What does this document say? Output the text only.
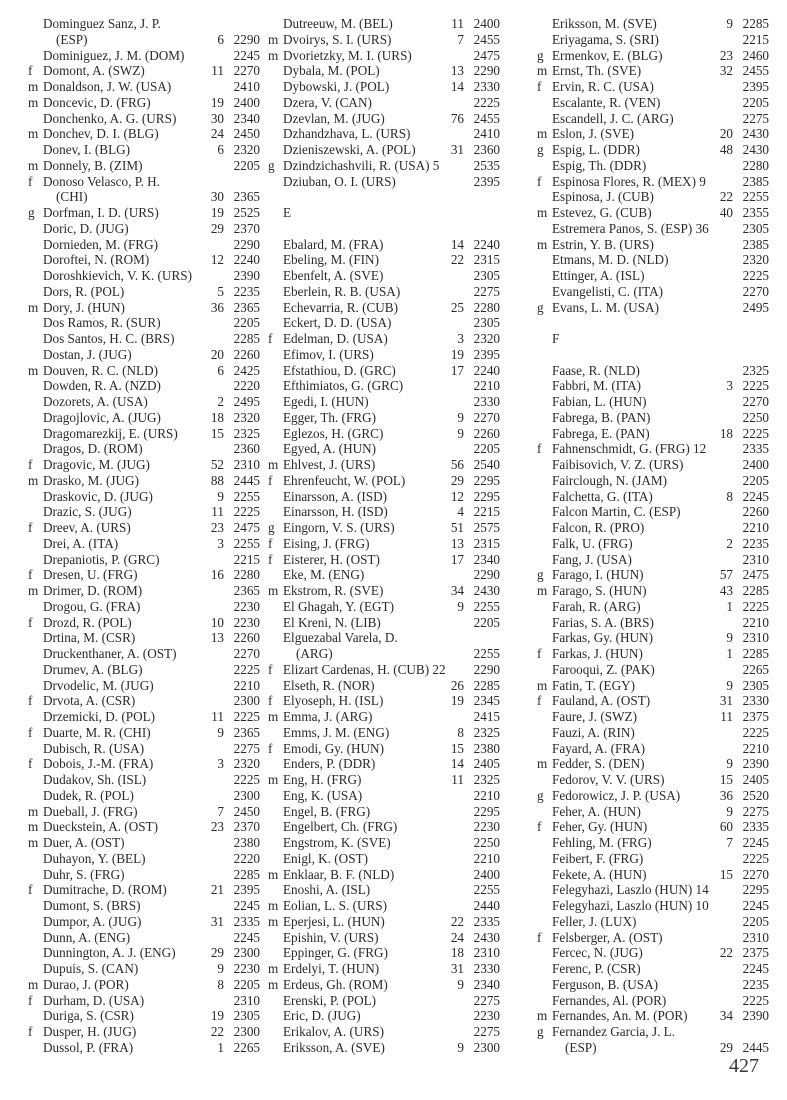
Dominguez Sanz, J. P.
(ESP)	6 2290
Dominiguez, J. M. (DOM)	2245
f Domont, A. (SWZ)	11 2270
m Donaldson, J. W. (USA)	2410
m Doncevic, D. (FRG)	19 2400
Donchenko, A. G. (URS)	30 2340
m Donchev, D. I. (BLG)	24 2450
Donev, I. (BLG)	6 2320
m Donnely, B. (ZIM)	2205
f Donoso Velasco, P. H.
(CHI)	30 2365
g Dorfman, I. D. (URS)	19 2525
Doric, D. (JUG)	29 2370
Dornieden, M. (FRG)	2290
Doroftei, N. (ROM)	12 2240
Doroshkievich, V. K. (URS)	2390
Dors, R. (POL)	5 2235
m Dory, J. (HUN)	36 2365
Dos Ramos, R. (SUR)	2205
Dos Santos, H. C. (BRS)	2285
Dostan, J. (JUG)	20 2260
m Douven, R. C. (NLD)	6 2425
Dowden, R. A. (NZD)	2220
Dozorets, A. (USA)	2 2495
Dragojlovic, A. (JUG)	18 2320
Dragomarezkij, E. (URS)	15 2325
Dragos, D. (ROM)	2360
f Dragovic, M. (JUG)	52 2310
m Drasko, M. (JUG)	88 2445
Draskovic, D. (JUG)	9 2255
Drazic, S. (JUG)	11 2225
f Dreev, A. (URS)	23 2475
Drei, A. (ITA)	3 2255
Drepaniotis, P. (GRC)	2215
f Dresen, U. (FRG)	16 2280
m Drimer, D. (ROM)	2365
Drogou, G. (FRA)	2230
f Drozd, R. (POL)	10 2230
Drtina, M. (CSR)	13 2260
Druckenthaner, A. (OST)	2270
Drumev, A. (BLG)	2225
Drvodelic, M. (JUG)	2210
f Drvota, A. (CSR)	2300
Drzemicki, D. (POL)	11 2225
f Duarte, M. R. (CHI)	9 2365
Dubisch, R. (USA)	2275
f Dobois, J.-M. (FRA)	3 2320
Dudakov, Sh. (ISL)	2225
Dudek, R. (POL)	2300
m Dueball, J. (FRG)	7 2450
m Dueckstein, A. (OST)	23 2370
m Duer, A. (OST)	2380
Duhayon, Y. (BEL)	2220
Duhr, S. (FRG)	2285
f Dumitrache, D. (ROM)	21 2395
Dumont, S. (BRS)	2245
Dumpor, A. (JUG)	31 2335
Dunn, A. (ENG)	2245
Dunnington, A. J. (ENG)	29 2300
Dupuis, S. (CAN)	9 2230
m Durao, J. (POR)	8 2205
f Durham, D. (USA)	2310
Duriga, S. (CSR)	19 2305
f Dusper, H. (JUG)	22 2300
Dussol, P. (FRA)	1 2265
Dutreeuw, M. (BEL)	11 2400
m Dvoirys, S. I. (URS)	7 2455
m Dvorietzky, M. I. (URS)	2475
Dybala, M. (POL)	13 2290
Dybowski, J. (POL)	14 2330
Dzera, V. (CAN)	2225
Dzevlan, M. (JUG)	76 2455
Dzhandzhava, L. (URS)	2410
Dzieniszewski, A. (POL)	31 2360
g Dzindzichashvili, R. (USA) 5	2535
Dziuban, O. I. (URS)	2395
E
Ebalard, M. (FRA)	14 2240
Ebeling, M. (FIN)	22 2315
Ebenfelt, A. (SVE)	2305
Eberlein, R. B. (USA)	2275
Echevarria, R. (CUB)	25 2280
Eckert, D. D. (USA)	2305
f Edelman, D. (USA)	3 2320
Efimov, I. (URS)	19 2395
Efstathiou, D. (GRC)	17 2240
Efthimiatos, G. (GRC)	2210
Egedi, I. (HUN)	2330
Egger, Th. (FRG)	9 2270
Eglezos, H. (GRC)	9 2260
Egyed, A. (HUN)	2205
m Ehlvest, J. (URS)	56 2540
f Ehrenfeucht, W. (POL)	29 2295
Einarsson, A. (ISD)	12 2295
Einarsson, H. (ISD)	4 2215
g Eingorn, V. S. (URS)	51 2575
f Eising, J. (FRG)	13 2315
f Eisterer, H. (OST)	17 2340
Eke, M. (ENG)	2290
m Ekstrom, R. (SVE)	34 2430
El Ghagah, Y. (EGT)	9 2255
El Kreni, N. (LIB)	2205
Elguezabal Varela, D.
(ARG)	2255
f Elizart Cardenas, H. (CUB) 22 2290
Elseth, R. (NOR)	26 2285
f Elyoseph, H. (ISL)	19 2345
m Emma, J. (ARG)	2415
Emms, J. M. (ENG)	8 2325
f Emodi, Gy. (HUN)	15 2380
Enders, P. (DDR)	14 2405
m Eng, H. (FRG)	11 2325
Eng, K. (USA)	2210
Engel, B. (FRG)	2295
Engelbert, Ch. (FRG)	2230
Engstrom, K. (SVE)	2250
Enigl, K. (OST)	2210
m Enklaar, B. F. (NLD)	2400
Enoshi, A. (ISL)	2255
m Eolian, L. S. (URS)	2440
m Eperjesi, L. (HUN)	22 2335
Epishin, V. (URS)	24 2430
Eppinger, G. (FRG)	18 2310
m Erdelyi, T. (HUN)	31 2330
m Erdeus, Gh. (ROM)	9 2340
Erenski, P. (POL)	2275
Eric, D. (JUG)	2230
Erikalov, A. (URS)	2275
Eriksson, A. (SVE)	9 2300
Eriksson, M. (SVE)	9 2285
Eriyagama, S. (SRI)	2215
g Ermenkov, E. (BLG)	23 2460
m Ernst, Th. (SVE)	32 2455
f Ervin, R. C. (USA)	2395
Escalante, R. (VEN)	2205
Escandell, J. C. (ARG)	2275
m Eslon, J. (SVE)	20 2430
g Espig, L. (DDR)	48 2430
Espig, Th. (DDR)	2280
f Espinosa Flores, R. (MEX) 9	2385
Espinosa, J. (CUB)	22 2255
m Estevez, G. (CUB)	40 2355
Estremera Panos, S. (ESP) 36	2305
m Estrin, Y. B. (URS)	2385
Etmans, M. D. (NLD)	2320
Ettinger, A. (ISL)	2225
Evangelisti, C. (ITA)	2270
g Evans, L. M. (USA)	2495
F
Faase, R. (NLD)	2325
Fabbri, M. (ITA)	3 2225
Fabian, L. (HUN)	2270
Fabrega, B. (PAN)	2250
Fabrega, E. (PAN)	18 2225
f Fahnenschmidt, G. (FRG) 12	2335
Faibisovich, V. Z. (URS)	2400
Fairclough, N. (JAM)	2205
Falchetta, G. (ITA)	8 2245
Falcon Martin, C. (ESP)	2260
Falcon, R. (PRO)	2210
Falk, U. (FRG)	2 2235
Fang, J. (USA)	2310
g Farago, I. (HUN)	57 2475
m Farago, S. (HUN)	43 2285
Farah, R. (ARG)	1 2225
Farias, S. A. (BRS)	2210
Farkas, Gy. (HUN)	9 2310
f Farkas, J. (HUN)	1 2285
Farooqui, Z. (PAK)	2265
m Fatin, T. (EGY)	9 2305
f Fauland, A. (OST)	31 2330
Faure, J. (SWZ)	11 2375
Fauzi, A. (RIN)	2225
Fayard, A. (FRA)	2210
m Fedder, S. (DEN)	9 2390
Fedorov, V. V. (URS)	15 2405
g Fedorowicz, J. P. (USA)	36 2520
Feher, A. (HUN)	9 2275
f Feher, Gy. (HUN)	60 2335
Fehling, M. (FRG)	7 2245
Feibert, F. (FRG)	2225
Fekete, A. (HUN)	15 2270
Felegyhazi, Laszlo (HUN) 14	2295
Felegyhazi, Laszlo (HUN) 10	2245
Feller, J. (LUX)	2205
f Felsberger, A. (OST)	2310
Fercec, N. (JUG)	22 2375
Ferenc, P. (CSR)	2245
Ferguson, B. (USA)	2235
Fernandes, Al. (POR)	2225
m Fernandes, An. M. (POR) 34 2390
g Fernandez Garcia, J. L.
(ESP)	29 2445
427
